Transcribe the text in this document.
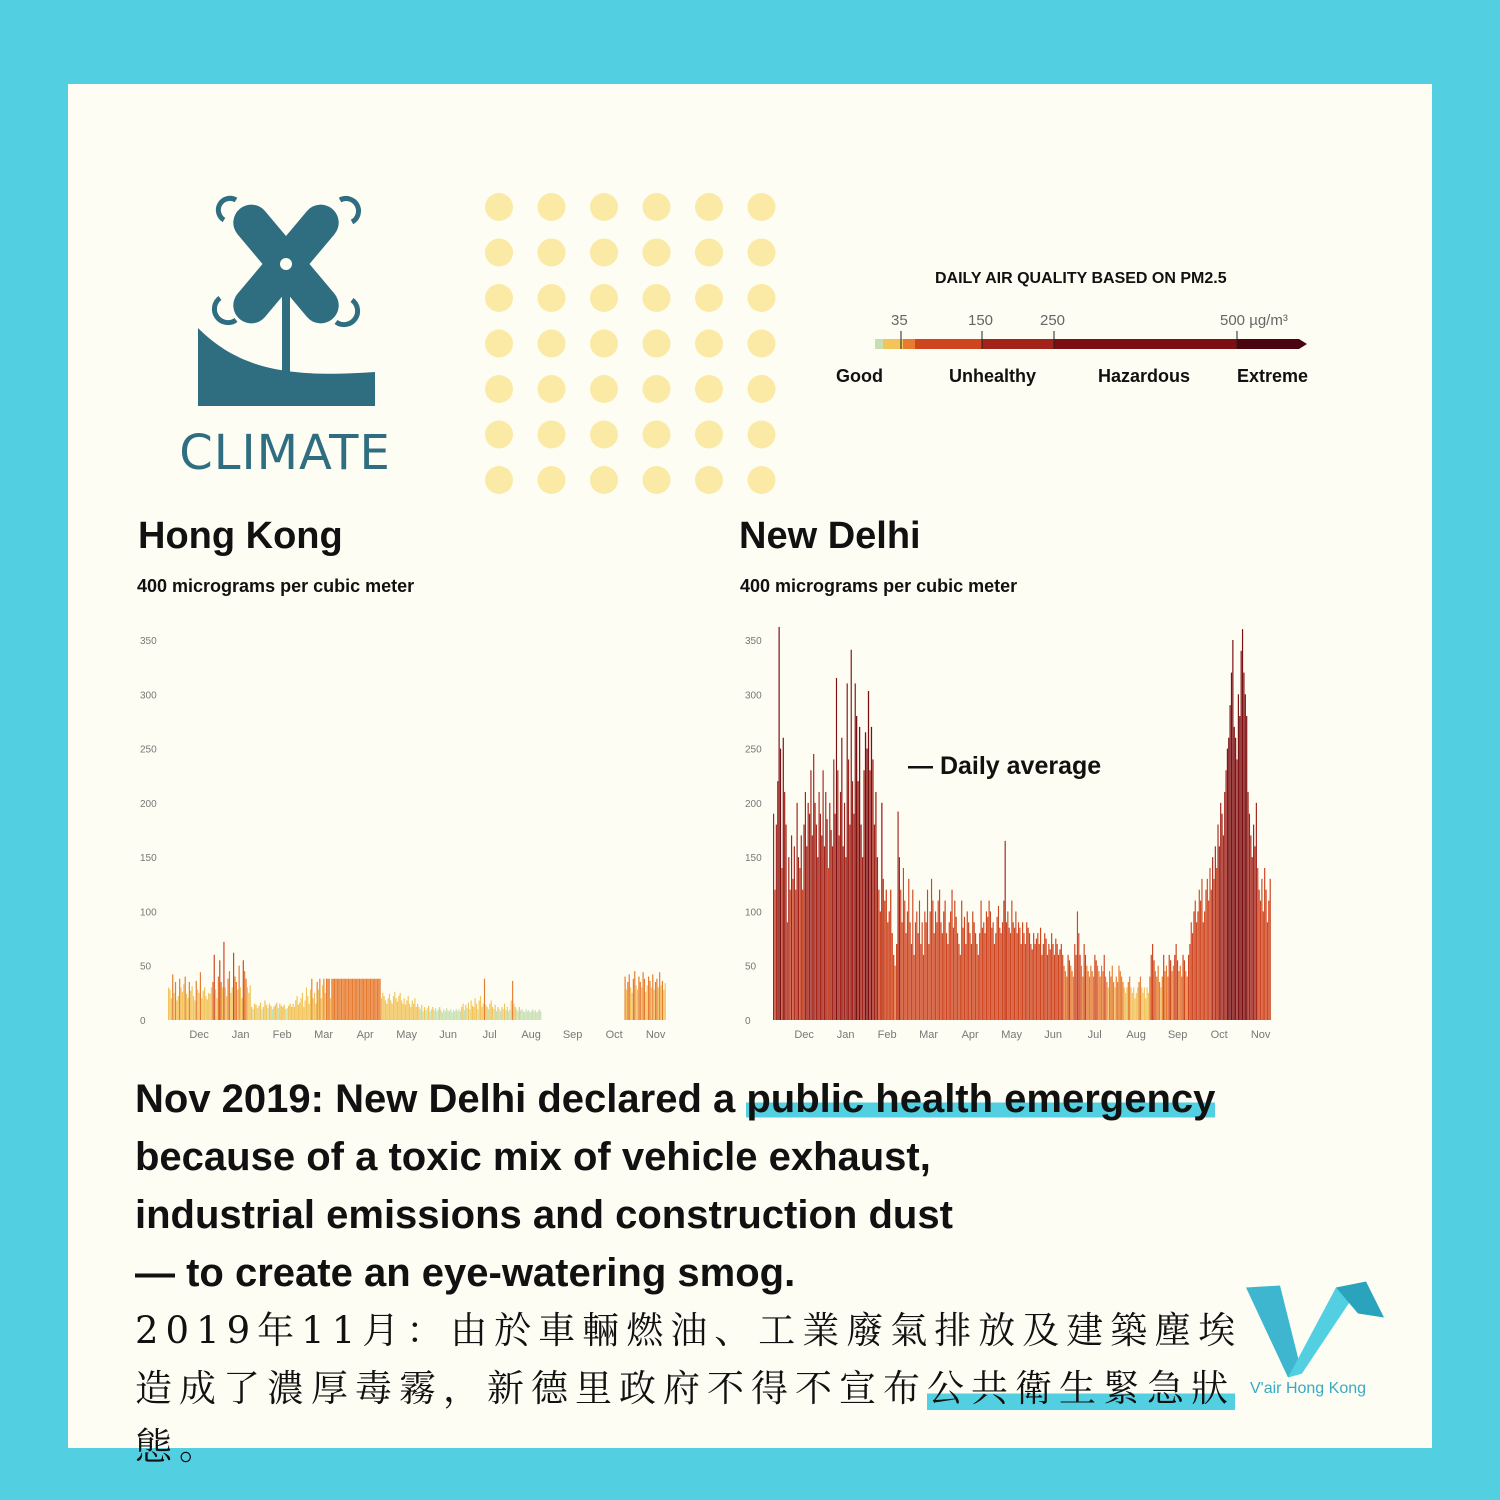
CLIMATE
DAILY AIR QUALITY BASED ON PM2.5
35	150	250	500 µg/m³
Good	Unhealthy	Hazardous	Extreme
Hong Kong
400 micrograms per cubic meter
New Delhi
400 micrograms per cubic meter
0
50
100
150
200
250
300
350
Dec Jan Feb Mar Apr May Jun Jul Aug Sep Oct Nov
0
50
100
150
200
250
300
350
Dec Jan Feb Mar Apr May Jun Jul Aug Sep Oct Nov
— Daily average
Nov 2019: New Delhi declared a public health emergency
because of a toxic mix of vehicle exhaust,
industrial emissions and construction dust
— to create an eye-watering smog.
2019年11月：由於車輛燃油、工業廢氣排放及建築塵埃
造成了濃厚毒霧，新德里政府不得不宣布公共衛生緊急狀態。
V'air Hong Kong
